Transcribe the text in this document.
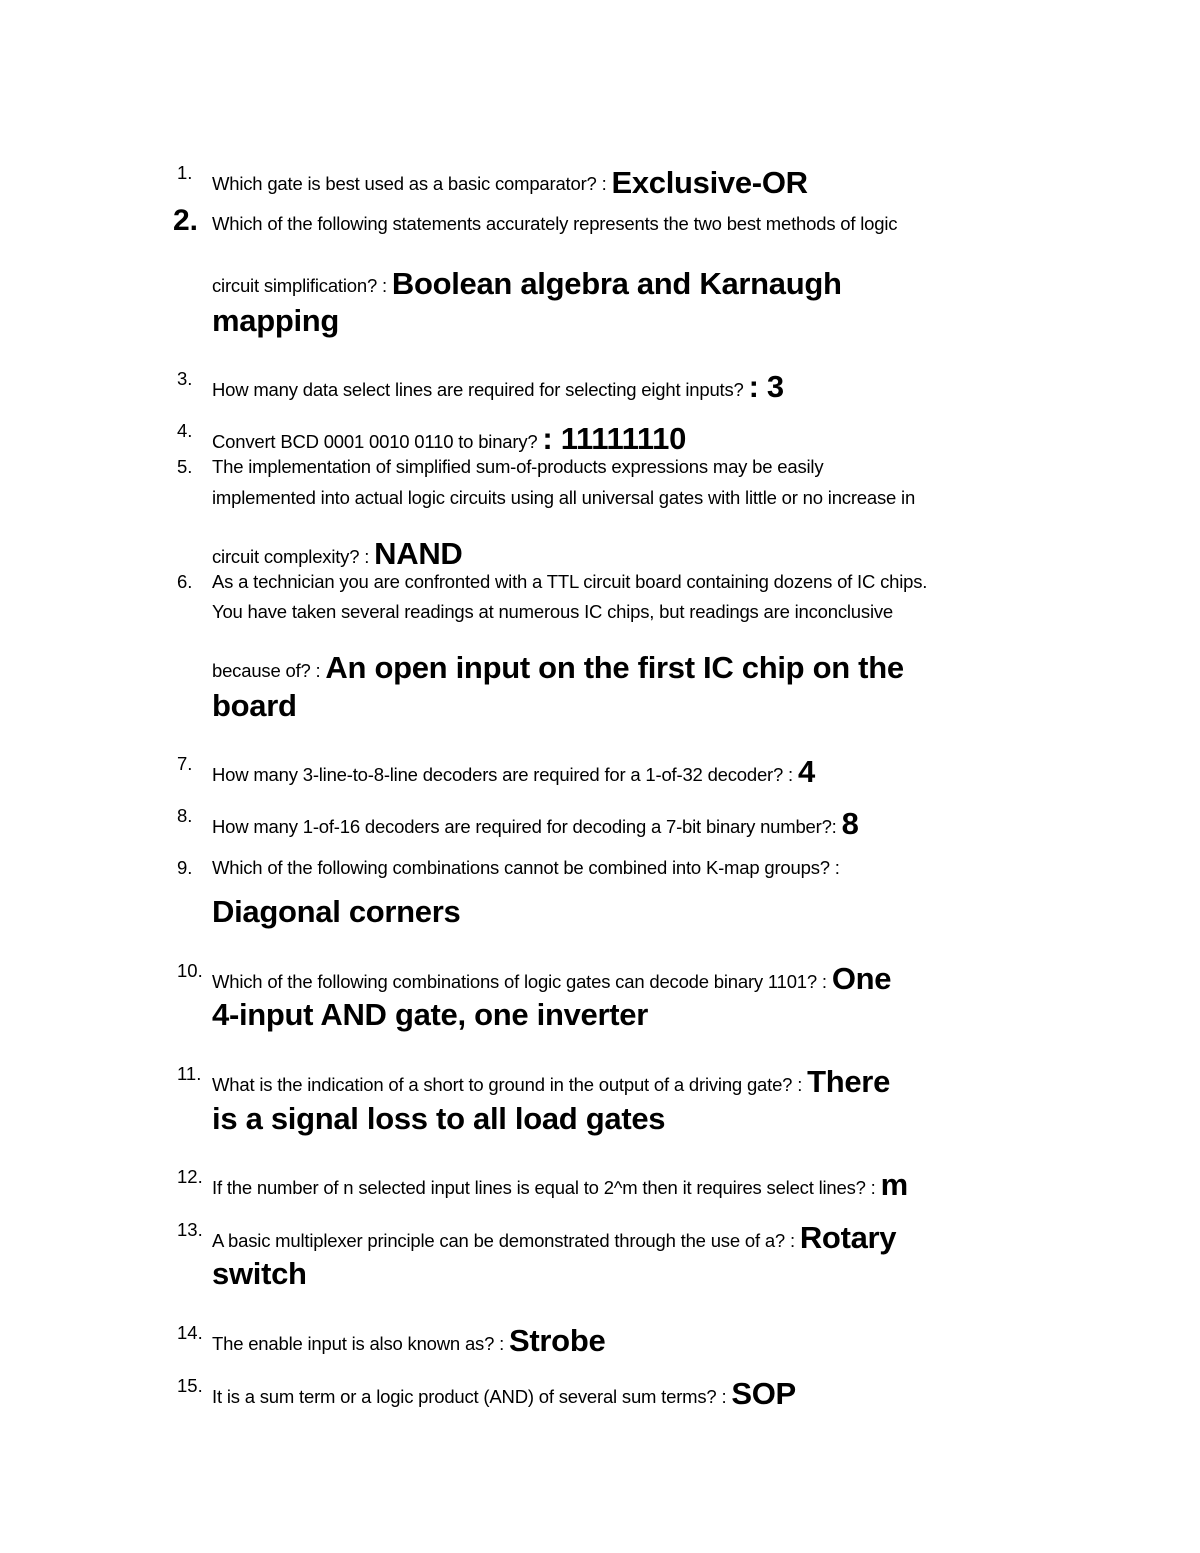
1.
Which gate is best used as a basic comparator? : Exclusive-OR
2. Which of the following statements accurately represents the two best methods of logic
circuit simplification? : Boolean algebra and Karnaugh
mapping
3.
How many data select lines are required for selecting eight inputs? : 3
4.
Convert BCD 0001 0010 0110 to binary? : 11111110
5. The implementation of simplified sum-of-products expressions may be easily
implemented into actual logic circuits using all universal gates with little or no increase in
circuit complexity? : NAND
6. As a technician you are confronted with a TTL circuit board containing dozens of IC chips.
You have taken several readings at numerous IC chips, but readings are inconclusive
because of? : An open input on the first IC chip on the
board
7.
How many 3-line-to-8-line decoders are required for a 1-of-32 decoder? : 4
8.
How many 1-of-16 decoders are required for decoding a 7-bit binary number?: 8
9. Which of the following combinations cannot be combined into K-map groups? :
Diagonal corners
10.
Which of the following combinations of logic gates can decode binary 1101? : One
4-input AND gate, one inverter
11.
What is the indication of a short to ground in the output of a driving gate? : There
is a signal loss to all load gates
12.
If the number of n selected input lines is equal to 2^m then it requires select lines? : m
13.
A basic multiplexer principle can be demonstrated through the use of a? : Rotary
switch
14.
The enable input is also known as? : Strobe
15.
It is a sum term or a logic product (AND) of several sum terms? : SOP
